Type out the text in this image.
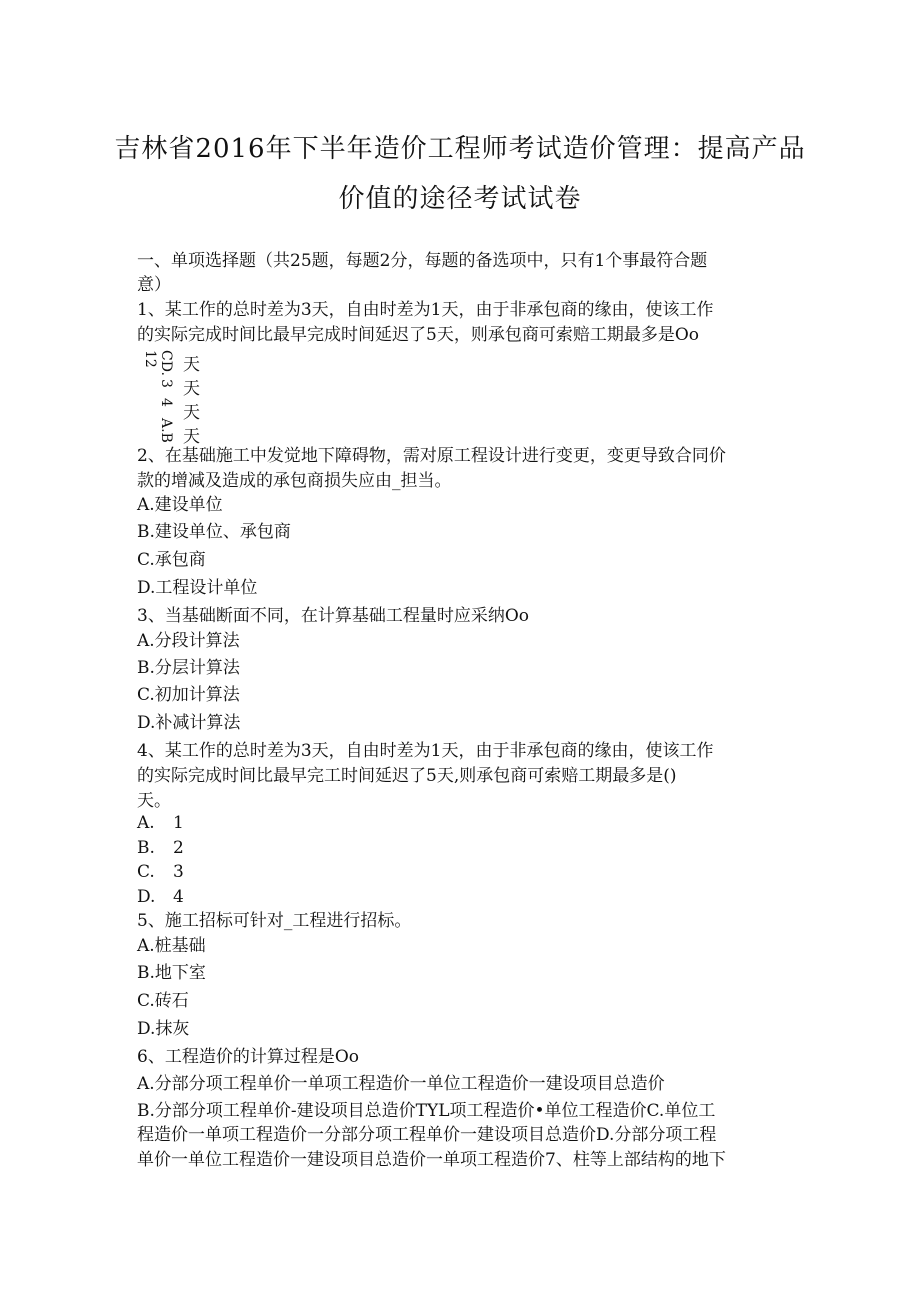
吉林省2016年下半年造价工程师考试造价管理：提高产品
价值的途径考试试卷
一、单项选择题（共25题，每题2分，每题的备选项中，只有1个事最符合题
意）
1、某工作的总时差为3天，自由时差为1天，由于非承包商的缘由，使该工作
的实际完成时间比最早完成时间延迟了5天，则承包商可索赔工期最多是Oo
CD.
3
4
A.B
12 天
天
天
天
2、在基础施工中发觉地下障碍物，需对原工程设计进行变更，变更导致合同价
款的增减及造成的承包商损失应由_担当。
A.建设单位
B.建设单位、承包商
C.承包商
D.工程设计单位
3、当基础断面不同，在计算基础工程量时应采纳Oo
A.分段计算法
B.分层计算法
C.初加计算法
D.补减计算法
4、某工作的总时差为3天，自由时差为1天，由于非承包商的缘由，使该工作
的实际完成时间比最早完工时间延迟了5天,则承包商可索赔工期最多是()
天。
A. 1
B. 2
C. 3
D. 4
5、施工招标可针对_工程进行招标。
A.桩基础
B.地下室
C.砖石
D.抹灰
6、工程造价的计算过程是Oo
A.分部分项工程单价一单项工程造价一单位工程造价一建设项目总造价
B.分部分项工程单价-建设项目总造价TYL项工程造价•单位工程造价C.单位工
程造价一单项工程造价一分部分项工程单价一建设项目总造价D.分部分项工程
单价一单位工程造价一建设项目总造价一单项工程造价7、柱等上部结构的地下
